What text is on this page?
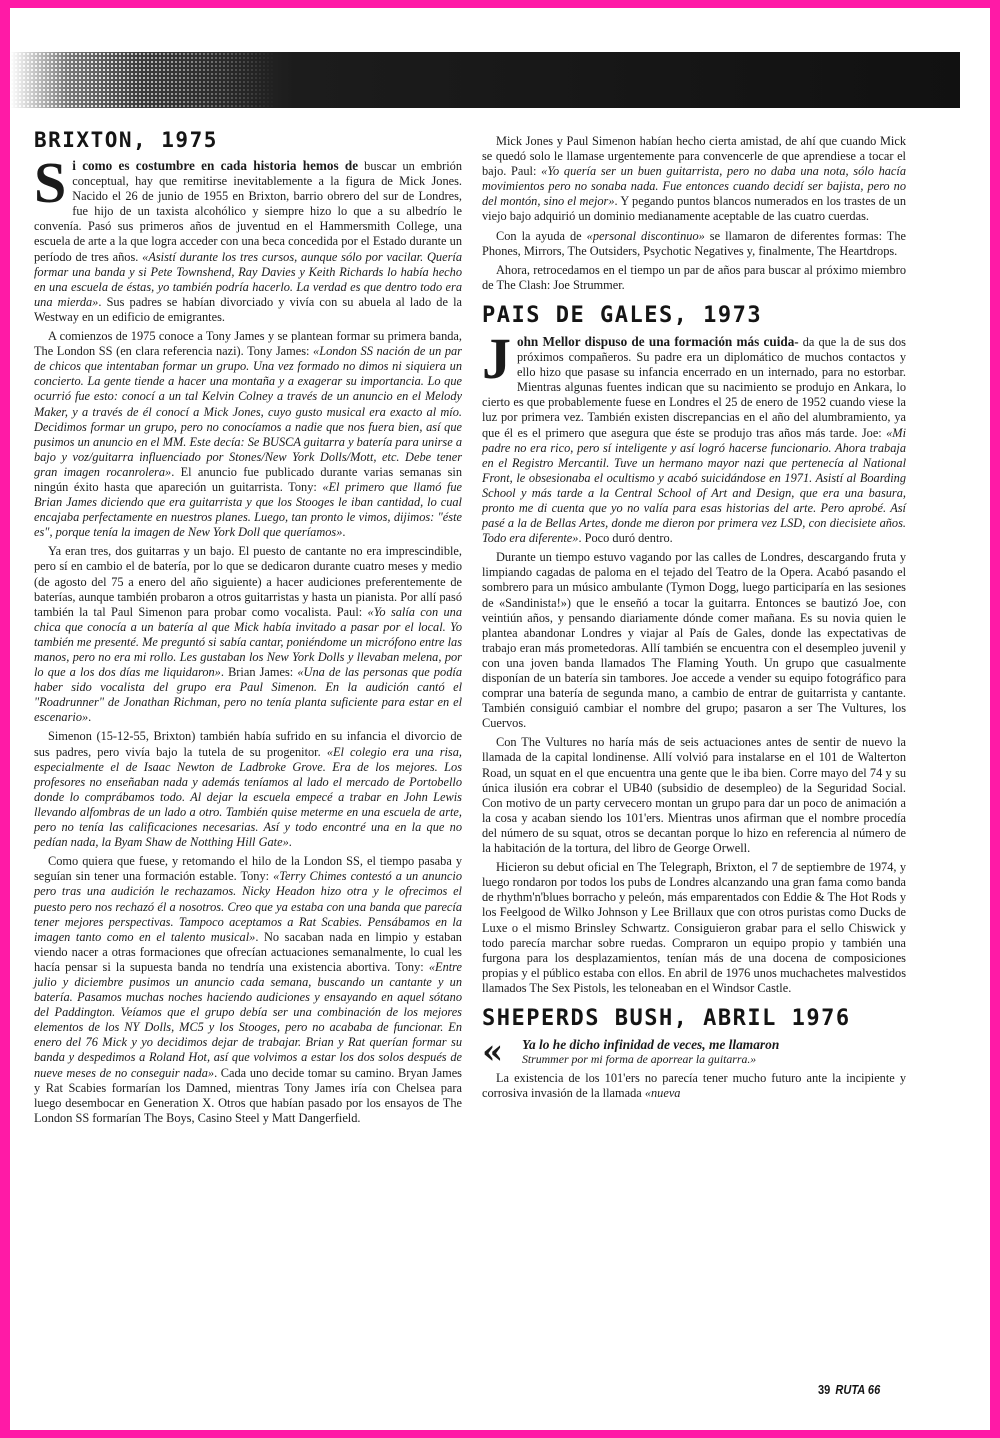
BRIXTON, 1975

Si como es costumbre en cada historia hemos de buscar un embrión conceptual, hay que remitirse inevitablemente a la figura de Mick Jones. Nacido el 26 de junio de 1955 en Brixton, barrio obrero del sur de Londres, fue hijo de un taxista alcohólico y siempre hizo lo que a su albedrío le convenía. Pasó sus primeros años de juventud en el Hammersmith College, una escuela de arte a la que logra acceder con una beca concedida por el Estado durante un período de tres años. «Asistí durante los tres cursos, aunque sólo por vacilar. Quería formar una banda y si Pete Townshend, Ray Davies y Keith Richards lo había hecho en una escuela de éstas, yo también podría hacerlo. La verdad es que dentro todo era una mierda». Sus padres se habían divorciado y vivía con su abuela al lado de la Westway en un edificio de emigrantes.

A comienzos de 1975 conoce a Tony James y se plantean formar su primera banda, The London SS (en clara referencia nazi). Tony James: «London SS nación de un par de chicos que intentaban formar un grupo. Una vez formado no dimos ni siquiera un concierto. La gente tiende a hacer una montaña y a exagerar su importancia. Lo que ocurrió fue esto: conocí a un tal Kelvin Colney a través de un anuncio en el Melody Maker, y a través de él conocí a Mick Jones, cuyo gusto musical era exacto al mío. Decidimos formar un grupo, pero no conocíamos a nadie que nos fuera bien, así que pusimos un anuncio en el MM. Este decía: Se BUSCA guitarra y batería para unirse a bajo y voz/guitarra influenciado por Stones/New York Dolls/Mott, etc. Debe tener gran imagen rocanrolera». El anuncio fue publicado durante varias semanas sin ningún éxito hasta que apareción un guitarrista. Tony: «El primero que llamó fue Brian James diciendo que era guitarrista y que los Stooges le iban cantidad, lo cual encajaba perfectamente en nuestros planes. Luego, tan pronto le vimos, dijimos: "éste es", porque tenía la imagen de New York Doll que queríamos».

Ya eran tres, dos guitarras y un bajo. El puesto de cantante no era imprescindible, pero sí en cambio el de batería, por lo que se dedicaron durante cuatro meses y medio (de agosto del 75 a enero del año siguiente) a hacer audiciones preferentemente de baterías, aunque también probaron a otros guitarristas y hasta un pianista. Por allí pasó también la tal Paul Simenon para probar como vocalista. Paul: «Yo salía con una chica que conocía a un batería al que Mick había invitado a pasar por el local. Yo también me presenté. Me preguntó si sabía cantar, poniéndome un micrófono entre las manos, pero no era mi rollo. Les gustaban los New York Dolls y llevaban melena, por lo que a los dos días me liquidaron». Brian James: «Una de las personas que podía haber sido vocalista del grupo era Paul Simenon. En la audición cantó el "Roadrunner" de Jonathan Richman, pero no tenía planta suficiente para estar en el escenario».

Simenon (15-12-55, Brixton) también había sufrido en su infancia el divorcio de sus padres, pero vivía bajo la tutela de su progenitor. «El colegio era una risa, especialmente el de Isaac Newton de Ladbroke Grove. Era de los mejores. Los profesores no enseñaban nada y además teníamos al lado el mercado de Portobello donde lo comprábamos todo. Al dejar la escuela empecé a trabar en John Lewis llevando alfombras de un lado a otro. También quise meterme en una escuela de arte, pero no tenía las calificaciones necesarias. Así y todo encontré una en la que no pedían nada, la Byam Shaw de Notthing Hill Gate».

Como quiera que fuese, y retomando el hilo de la London SS, el tiempo pasaba y seguían sin tener una formación estable. Tony: «Terry Chimes contestó a un anuncio pero tras una audición le rechazamos. Nicky Headon hizo otra y le ofrecimos el puesto pero nos rechazó él a nosotros. Creo que ya estaba con una banda que parecía tener mejores perspectivas. Tampoco aceptamos a Rat Scabies. Pensábamos en la imagen tanto como en el talento musical». No sacaban nada en limpio y estaban viendo nacer a otras formaciones que ofrecían actuaciones semanalmente, lo cual les hacía pensar si la supuesta banda no tendría una existencia abortiva. Tony: «Entre julio y diciembre pusimos un anuncio cada semana, buscando un cantante y un batería. Pasamos muchas noches haciendo audiciones y ensayando en aquel sótano del Paddington. Veíamos que el grupo debía ser una combinación de los mejores elementos de los NY Dolls, MC5 y los Stooges, pero no acababa de funcionar. En enero del 76 Mick y yo decidimos dejar de trabajar. Brian y Rat querían formar su banda y despedimos a Roland Hot, así que volvimos a estar los dos solos después de nueve meses de no conseguir nada». Cada uno decide tomar su camino. Bryan James y Rat Scabies formarían los Damned, mientras Tony James iría con Chelsea para luego desembocar en Generation X. Otros que habían pasado por los ensayos de The London SS formarían The Boys, Casino Steel y Matt Dangerfield.

Mick Jones y Paul Simenon habían hecho cierta amistad, de ahí que cuando Mick se quedó solo le llamase urgentemente para convencerle de que aprendiese a tocar el bajo. Paul: «Yo quería ser un buen guitarrista, pero no daba una nota, sólo hacía movimientos pero no sonaba nada. Fue entonces cuando decidí ser bajista, pero no del montón, sino el mejor». Y pegando puntos blancos numerados en los trastes de un viejo bajo adquirió un dominio medianamente aceptable de las cuatro cuerdas.

Con la ayuda de «personal discontinuo» se llamaron de diferentes formas: The Phones, Mirrors, The Outsiders, Psychotic Negatives y, finalmente, The Heartdrops.

Ahora, retrocedamos en el tiempo un par de años para buscar al próximo miembro de The Clash: Joe Strummer.

PAIS DE GALES, 1973

John Mellor dispuso de una formación más cuida- da que la de sus dos próximos compañeros. Su padre era un diplomático de muchos contactos y ello hizo que pasase su infancia encerrado en un internado, para no estorbar. Mientras algunas fuentes indican que su nacimiento se produjo en Ankara, lo cierto es que probablemente fuese en Londres el 25 de enero de 1952 cuando viese la luz por primera vez. También existen discrepancias en el año del alumbramiento, ya que él es el primero que asegura que éste se produjo tras años más tarde. Joe: «Mi padre no era rico, pero sí inteligente y así logró hacerse funcionario. Ahora trabaja en el Registro Mercantil. Tuve un hermano mayor nazi que pertenecía al National Front, le obsesionaba el ocultismo y acabó suicidándose en 1971. Asistí al Boarding School y más tarde a la Central School of Art and Design, que era una basura, pronto me di cuenta que yo no valía para esas historias del arte. Pero aprobé. Así pasé a la de Bellas Artes, donde me dieron por primera vez LSD, con diecisiete años. Todo era diferente». Poco duró dentro.

Durante un tiempo estuvo vagando por las calles de Londres, descargando fruta y limpiando cagadas de paloma en el tejado del Teatro de la Opera. Acabó pasando el sombrero para un músico ambulante (Tymon Dogg, luego participaría en las sesiones de «Sandinista!») que le enseñó a tocar la guitarra. Entonces se bautizó Joe, con veintiún años, y pensando diariamente dónde comer mañana. Es su novia quien le plantea abandonar Londres y viajar al País de Gales, donde las expectativas de trabajo eran más prometedoras. Allí también se encuentra con el desempleo juvenil y con una joven banda llamados The Flaming Youth. Un grupo que casualmente disponían de un batería sin tambores. Joe accede a vender su equipo fotográfico para comprar una batería de segunda mano, a cambio de entrar de guitarrista y cantante. También consiguió cambiar el nombre del grupo; pasaron a ser The Vultures, los Cuervos.

Con The Vultures no haría más de seis actuaciones antes de sentir de nuevo la llamada de la capital londinense. Allí volvió para instalarse en el 101 de Walterton Road, un squat en el que encuentra una gente que le iba bien. Corre mayo del 74 y su única ilusión era cobrar el UB40 (subsidio de desempleo) de la Seguridad Social. Con motivo de un party cervecero montan un grupo para dar un poco de animación a la cosa y acaban siendo los 101'ers. Mientras unos afirman que el nombre procedía del número de su squat, otros se decantan porque lo hizo en referencia al número de la habitación de la tortura, del libro de George Orwell.

Hicieron su debut oficial en The Telegraph, Brixton, el 7 de septiembre de 1974, y luego rondaron por todos los pubs de Londres alcanzando una gran fama como banda de rhythm'n'blues borracho y peleón, más emparentados con Eddie & The Hot Rods y los Feelgood de Wilko Johnson y Lee Brillaux que con otros puristas como Ducks de Luxe o el mismo Brinsley Schwartz. Consiguieron grabar para el sello Chiswick y todo parecía marchar sobre ruedas. Compraron un equipo propio y también una furgona para los desplazamientos, tenían más de una docena de composiciones propias y el público estaba con ellos. En abril de 1976 unos muchachetes malvestidos llamados The Sex Pistols, les teloneaban en el Windsor Castle.

SHEPERDS BUSH, ABRIL 1976
«	Ya lo he dicho infinidad de veces, me llamaron
Strummer por mi forma de aporrear la guitarra.»

La existencia de los 101'ers no parecía tener mucho futuro ante la incipiente y corrosiva invasión de la llamada «nueva

39 RUTA 66
